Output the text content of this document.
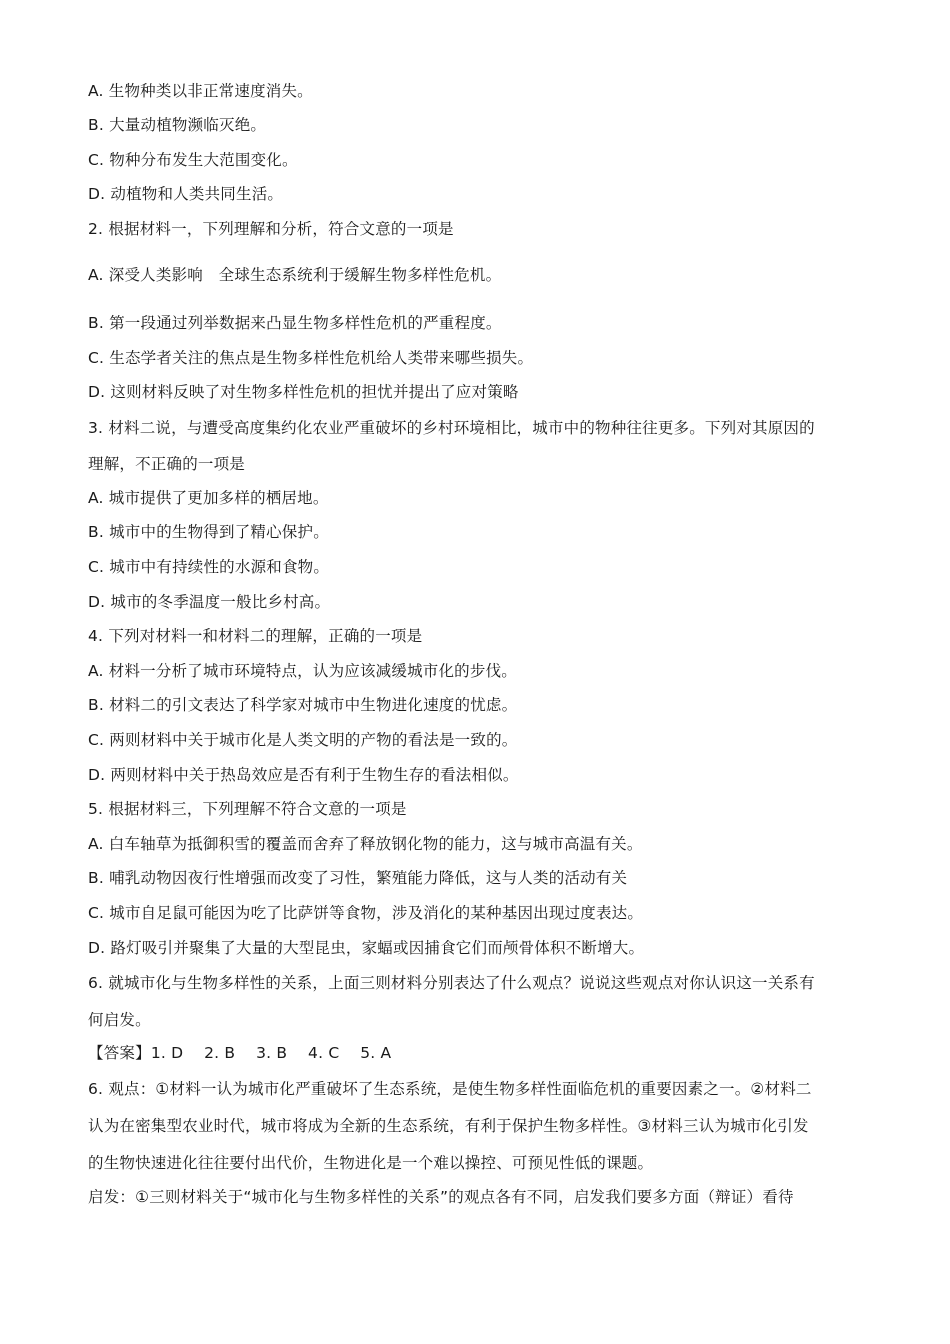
A. 生物种类以非正常速度消失。
B. 大量动植物濒临灭绝。
C. 物种分布发生大范围变化。
D. 动植物和人类共同生活。
2. 根据材料一，下列理解和分析，符合文意的一项是
A. 深受人类影响　全球生态系统利于缓解生物多样性危机。
B. 第一段通过列举数据来凸显生物多样性危机的严重程度。
C. 生态学者关注的焦点是生物多样性危机给人类带来哪些损失。
D. 这则材料反映了对生物多样性危机的担忧并提出了应对策略
3. 材料二说，与遭受高度集约化农业严重破坏的乡村环境相比，城市中的物种往往更多。下列对其原因的
理解，不正确的一项是
A. 城市提供了更加多样的栖居地。
B. 城市中的生物得到了精心保护。
C. 城市中有持续性的水源和食物。
D. 城市的冬季温度一般比乡村高。
4. 下列对材料一和材料二的理解，正确的一项是
A. 材料一分析了城市环境特点，认为应该减缓城市化的步伐。
B. 材料二的引文表达了科学家对城市中生物进化速度的忧虑。
C. 两则材料中关于城市化是人类文明的产物的看法是一致的。
D. 两则材料中关于热岛效应是否有利于生物生存的看法相似。
5. 根据材料三，下列理解不符合文意的一项是
A. 白车轴草为抵御积雪的覆盖而舍弃了释放钢化物的能力，这与城市高温有关。
B. 哺乳动物因夜行性增强而改变了习性，繁殖能力降低，这与人类的活动有关
C. 城市自足鼠可能因为吃了比萨饼等食物，涉及消化的某种基因出现过度表达。
D. 路灯吸引并聚集了大量的大型昆虫，家蝠或因捕食它们而颅骨体积不断增大。
6. 就城市化与生物多样性的关系，上面三则材料分别表达了什么观点？说说这些观点对你认识这一关系有
何启发。
【答案】1. D　 2. B　 3. B　 4. C　 5. A
6. 观点：①材料一认为城市化严重破坏了生态系统，是使生物多样性面临危机的重要因素之一。②材料二
认为在密集型农业时代，城市将成为全新的生态系统，有利于保护生物多样性。③材料三认为城市化引发
的生物快速进化往往要付出代价，生物进化是一个难以操控、可预见性低的课题。
启发：①三则材料关于“城市化与生物多样性的关系”的观点各有不同，启发我们要多方面（辩证）看待
